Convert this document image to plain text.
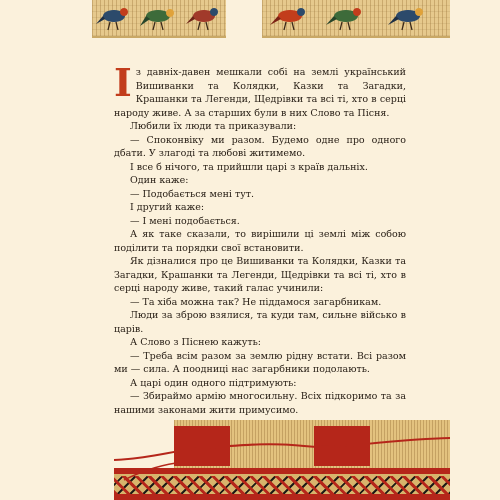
Із давніх-давен мешкали собі на землі український Вишиванки та Колядки, Казки та Загадки, Крашанки та Легенди, Щедрівки та всі ті, хто в серці народу живе. А за старших були в них Слово та Пісня.

Любили їх люди та приказували:

— Споконвіку ми разом. Будемо одне про одного дбати. У злагоді та любові житимемо.

І все б нічого, та прийшли царі з країв дальніх.

Один каже:

— Подобається мені тут.

І другий каже:

— І мені подобається.

А як таке сказали, то вирішили ці землі між собою поділити та порядки свої встановити.

Як дізналися про це Вишиванки та Колядки, Казки та Загадки, Крашанки та Легенди, Щедрівки та всі ті, хто в серці народу живе, такий галас учинили:

— Та хіба можна так? Не піддамося загарбникам.

Люди за зброю взялися, та куди там, сильне військо в царів.

А Слово з Піснею кажуть:

— Треба всім разом за землю рідну встати. Всі разом ми — сила. А поодниці нас загарбники подолають.

А царі один одного підтримують:

— Збираймо армію многосильну. Всіх підкоримо та за нашими законами жити примусимо.
